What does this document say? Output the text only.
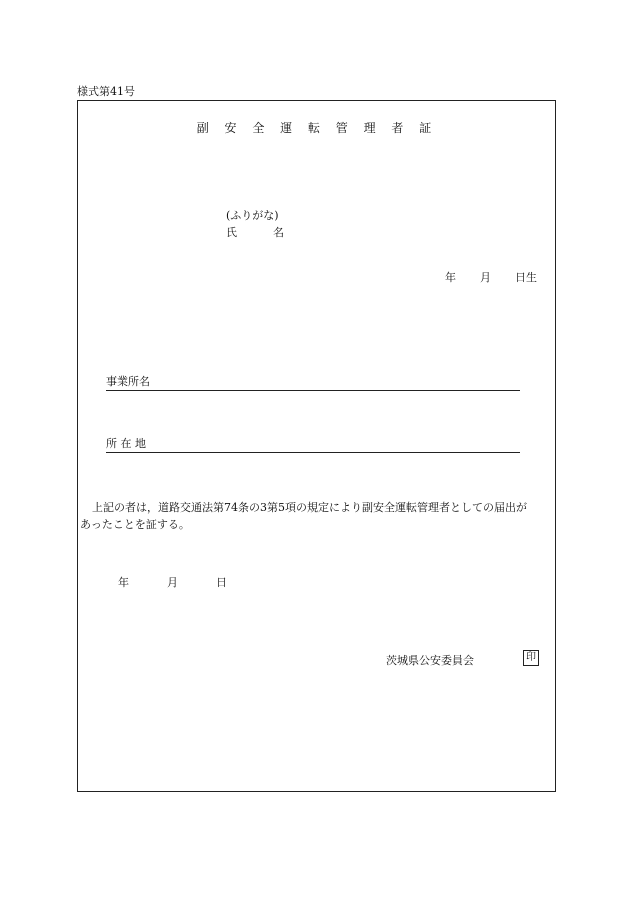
様式第41号
副 安 全 運 転 管 理 者 証
(ふりがな)
氏	名
年 月 日生
事業所名
所 在 地

上記の者は，道路交通法第74条の3第5項の規定により副安全運転管理者としての届出が

あったことを証する。

年	月	日
茨城県公安委員会	印
